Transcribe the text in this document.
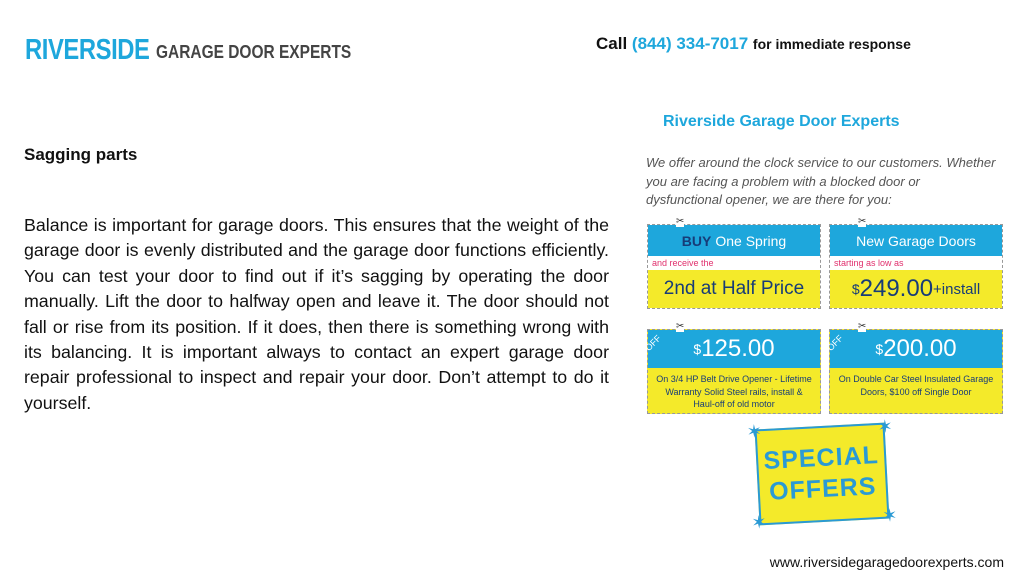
RIVERSIDE GARAGE DOOR EXPERTS	Call (844) 334-7017 for immediate response
Sagging parts
Balance is important for garage doors. This ensures that the weight of the garage door is evenly distributed and the garage door functions efficiently. You can test your door to find out if it’s sagging by operating the door manually. Lift the door to halfway open and leave it. The door should not fall or rise from its position. If it does, then there is something wrong with its balancing. It is important always to contact an expert garage door repair professional to inspect and repair your door. Don’t attempt to do it yourself.
Riverside Garage Door Experts
We offer around the clock service to our customers. Whether you are facing a problem with a blocked door or dysfunctional opener, we are there for you:
✂
BUY One Spring
and receive the
2nd at Half Price
✂
New Garage Doors
starting as low as
$ 249.00 +install
✂
OFF $_{\$}$ 125.00
On 3/4 HP Belt Drive Opener - Lifetime Warranty Solid Steel rails, install & Haul-off of old motor
✂
OFF $_{\$}$ 200.00
On Double Car Steel Insulated Garage Doors, $100 off Single Door
✶	✶
✶	✶
SPECIAL
OFFERS
www.riversidegaragedoorexperts.com
